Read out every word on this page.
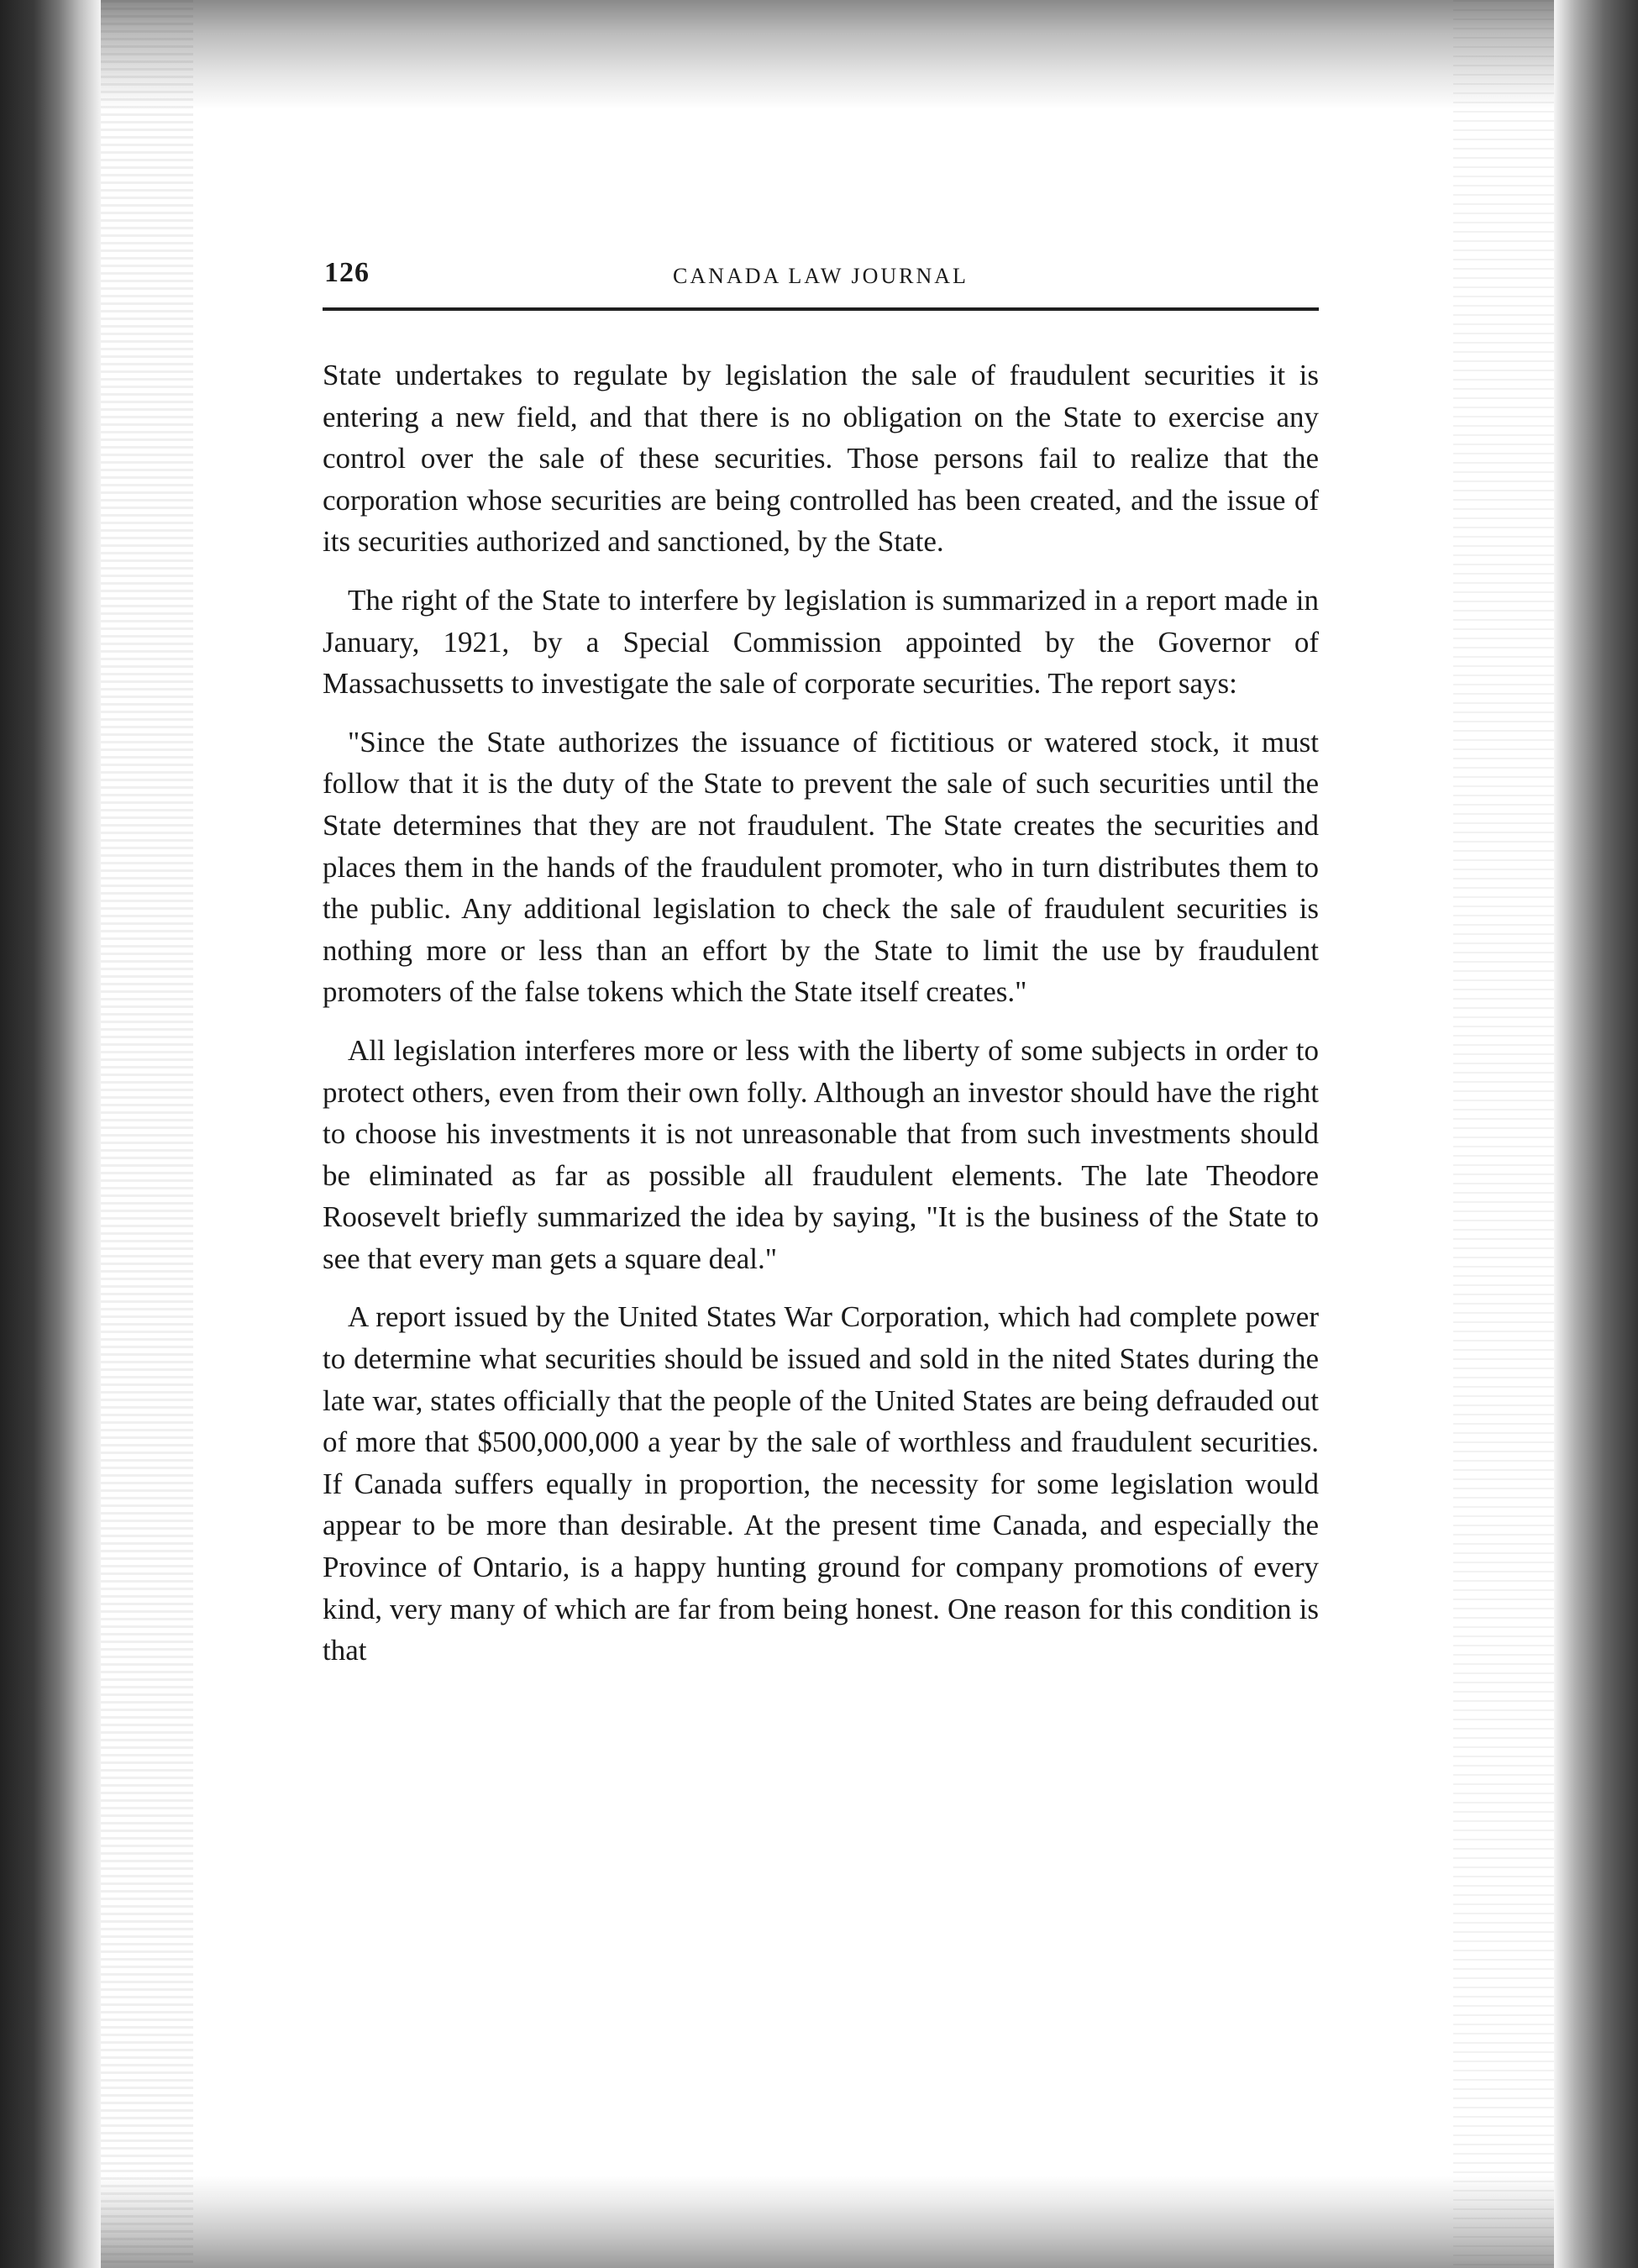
126	CANADA LAW JOURNAL

State undertakes to regulate by legislation the sale of fraudulent securities it is entering a new field, and that there is no obligation on the State to exercise any control over the sale of these securities. Those persons fail to realize that the corporation whose securities are being controlled has been created, and the issue of its securities authorized and sanctioned, by the State.

The right of the State to interfere by legislation is summarized in a report made in January, 1921, by a Special Commission appointed by the Governor of Massachussetts to investigate the sale of corporate securities. The report says:

"Since the State authorizes the issuance of fictitious or watered stock, it must follow that it is the duty of the State to prevent the sale of such securities until the State determines that they are not fraudulent. The State creates the securities and places them in the hands of the fraudulent promoter, who in turn distributes them to the public. Any additional legislation to check the sale of fraudulent securities is nothing more or less than an effort by the State to limit the use by fraudulent promoters of the false tokens which the State itself creates."

All legislation interferes more or less with the liberty of some subjects in order to protect others, even from their own folly. Although an investor should have the right to choose his investments it is not unreasonable that from such investments should be eliminated as far as possible all fraudulent elements. The late Theodore Roosevelt briefly summarized the idea by saying, "It is the business of the State to see that every man gets a square deal."

A report issued by the United States War Corporation, which had complete power to determine what securities should be issued and sold in the nited States during the late war, states officially that the people of the United States are being defrauded out of more that $500,000,000 a year by the sale of worthless and fraudulent securities. If Canada suffers equally in proportion, the necessity for some legislation would appear to be more than desirable. At the present time Canada, and especially the Province of Ontario, is a happy hunting ground for company promotions of every kind, very many of which are far from being honest. One reason for this condition is that
